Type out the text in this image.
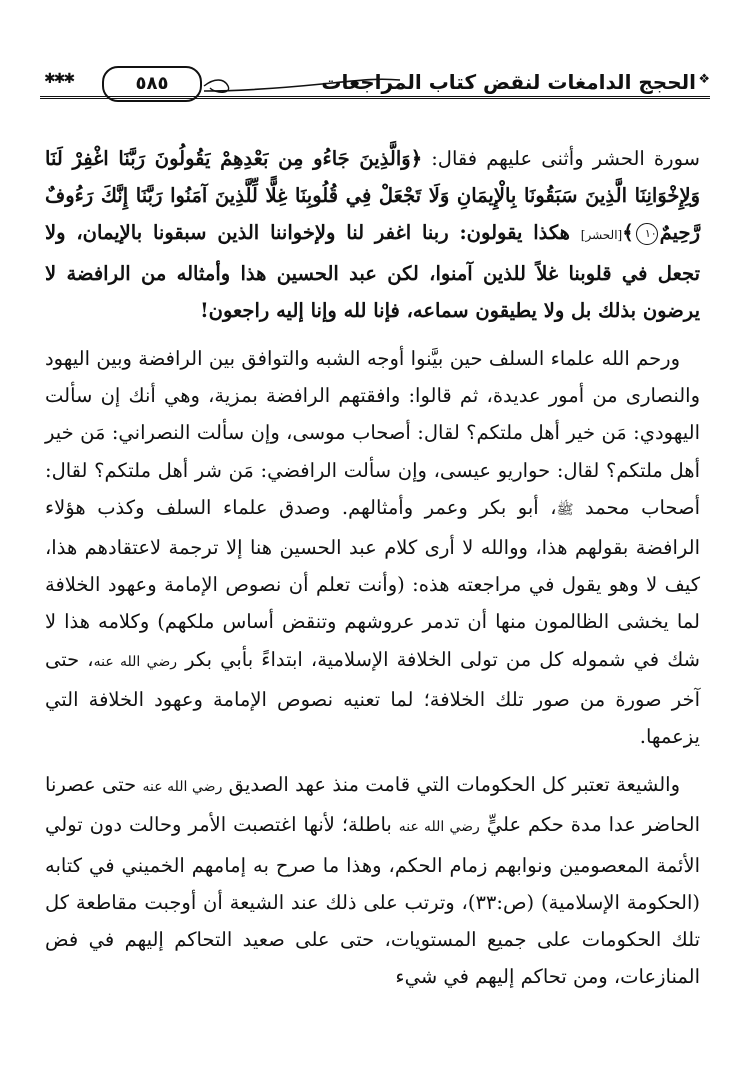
❖
الحجج الدامغات لنقض كتاب المراجعات
٥٨٥
✱✱✱

سورة الحشر وأثنى عليهم فقال: ﴿وَالَّذِينَ جَاءُو مِن بَعْدِهِمْ يَقُولُونَ رَبَّنَا اغْفِرْ لَنَا وَلِإِخْوَانِنَا الَّذِينَ سَبَقُونَا بِالْإِيمَانِ وَلَا تَجْعَلْ فِي قُلُوبِنَا غِلًّا لِّلَّذِينَ آمَنُوا رَبَّنَا إِنَّكَ رَءُوفٌ رَّحِيمٌ١٠﴾[الحشر] هكذا يقولون: ربنا اغفر لنا ولإخواننا الذين سبقونا بالإيمان، ولا تجعل في قلوبنا غلاً للذين آمنوا، لكن عبد الحسين هذا وأمثاله من الرافضة لا يرضون بذلك بل ولا يطيقون سماعه، فإنا لله وإنا إليه راجعون!

ورحم الله علماء السلف حين بيَّنوا أوجه الشبه والتوافق بين الرافضة وبين اليهود والنصارى من أمور عديدة، ثم قالوا: وافقتهم الرافضة بمزية، وهي أنك إن سألت اليهودي: مَن خير أهل ملتكم؟ لقال: أصحاب موسى، وإن سألت النصراني: مَن خير أهل ملتكم؟ لقال: حواريو عيسى، وإن سألت الرافضي: مَن شر أهل ملتكم؟ لقال: أصحاب محمد ﷺ، أبو بكر وعمر وأمثالهم. وصدق علماء السلف وكذب هؤلاء الرافضة بقولهم هذا، ووالله لا أرى كلام عبد الحسين هنا إلا ترجمة لاعتقادهم هذا، كيف لا وهو يقول في مراجعته هذه: (وأنت تعلم أن نصوص الإمامة وعهود الخلافة لما يخشى الظالمون منها أن تدمر عروشهم وتنقض أساس ملكهم) وكلامه هذا لا شك في شموله كل من تولى الخلافة الإسلامية، ابتداءً بأبي بكر رضي الله عنه، حتى آخر صورة من صور تلك الخلافة؛ لما تعنيه نصوص الإمامة وعهود الخلافة التي يزعمها.

والشيعة تعتبر كل الحكومات التي قامت منذ عهد الصديق رضي الله عنه حتى عصرنا الحاضر عدا مدة حكم عليٍّ رضي الله عنه باطلة؛ لأنها اغتصبت الأمر وحالت دون تولي الأئمة المعصومين ونوابهم زمام الحكم، وهذا ما صرح به إمامهم الخميني في كتابه (الحكومة الإسلامية) (ص:٣٣)، وترتب على ذلك عند الشيعة أن أوجبت مقاطعة كل تلك الحكومات على جميع المستويات، حتى على صعيد التحاكم إليهم في فض المنازعات، ومن تحاكم إليهم في شيء
